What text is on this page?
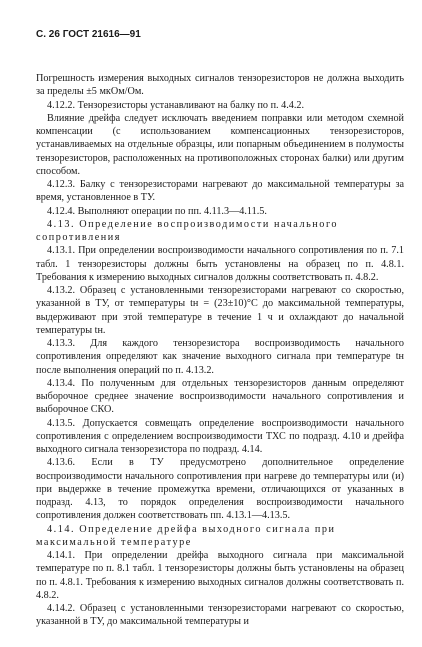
С. 26 ГОСТ 21616—91

Погрешность измерения выходных сигналов тензорезисторов не должна выходить за пределы ±5 мкОм/Ом.

4.12.2. Тензорезисторы устанавливают на балку по п. 4.4.2.

Влияние дрейфа следует исключать введением поправки или методом схемной компенсации (с использованием компенсационных тензорезисторов, устанавливаемых на отдельные образцы, или попарным объединением в полумосты тензорезисторов, расположенных на противоположных сторонах балки) или другим способом.

4.12.3. Балку с тензорезисторами нагревают до максимальной температуры за время, установленное в ТУ.

4.12.4. Выполняют операции по пп. 4.11.3—4.11.5.

4.13. Определение воспроизводимости начального сопротивления

4.13.1. При определении воспроизводимости начального сопротивления по п. 7.1 табл. 1 тензорезисторы должны быть установлены на образец по п. 4.8.1. Требования к измерению выходных сигналов должны соответствовать п. 4.8.2.

4.13.2. Образец с установленными тензорезисторами нагревают со скоростью, указанной в ТУ, от температуры tн = (23±10)°С до максимальной температуры, выдерживают при этой температуре в течение 1 ч и охлаждают до начальной температуры tн.

4.13.3. Для каждого тензорезистора воспроизводимость начального сопротивления определяют как значение выходного сигнала при температуре tн после выполнения операций по п. 4.13.2.

4.13.4. По полученным для отдельных тензорезисторов данным определяют выборочное среднее значение воспроизводимости начального сопротивления и выборочное СКО.

4.13.5. Допускается совмещать определение воспроизводимости начального сопротивления с определением воспроизводимости ТХС по подразд. 4.10 и дрейфа выходного сигнала тензорезистора по подразд. 4.14.

4.13.6. Если в ТУ предусмотрено дополнительное определение воспроизводимости начального сопротивления при нагреве до температуры или (и) при выдержке в течение промежутка времени, отличающихся от указанных в подразд. 4.13, то порядок определения воспроизводимости начального сопротивления должен соответствовать пп. 4.13.1—4.13.5.

4.14. Определение дрейфа выходного сигнала при максимальной температуре

4.14.1. При определении дрейфа выходного сигнала при максимальной температуре по п. 8.1 табл. 1 тензорезисторы должны быть установлены на образец по п. 4.8.1. Требования к измерению выходных сигналов должны соответствовать п. 4.8.2.

4.14.2. Образец с установленными тензорезисторами нагревают со скоростью, указанной в ТУ, до максимальной температуры и
